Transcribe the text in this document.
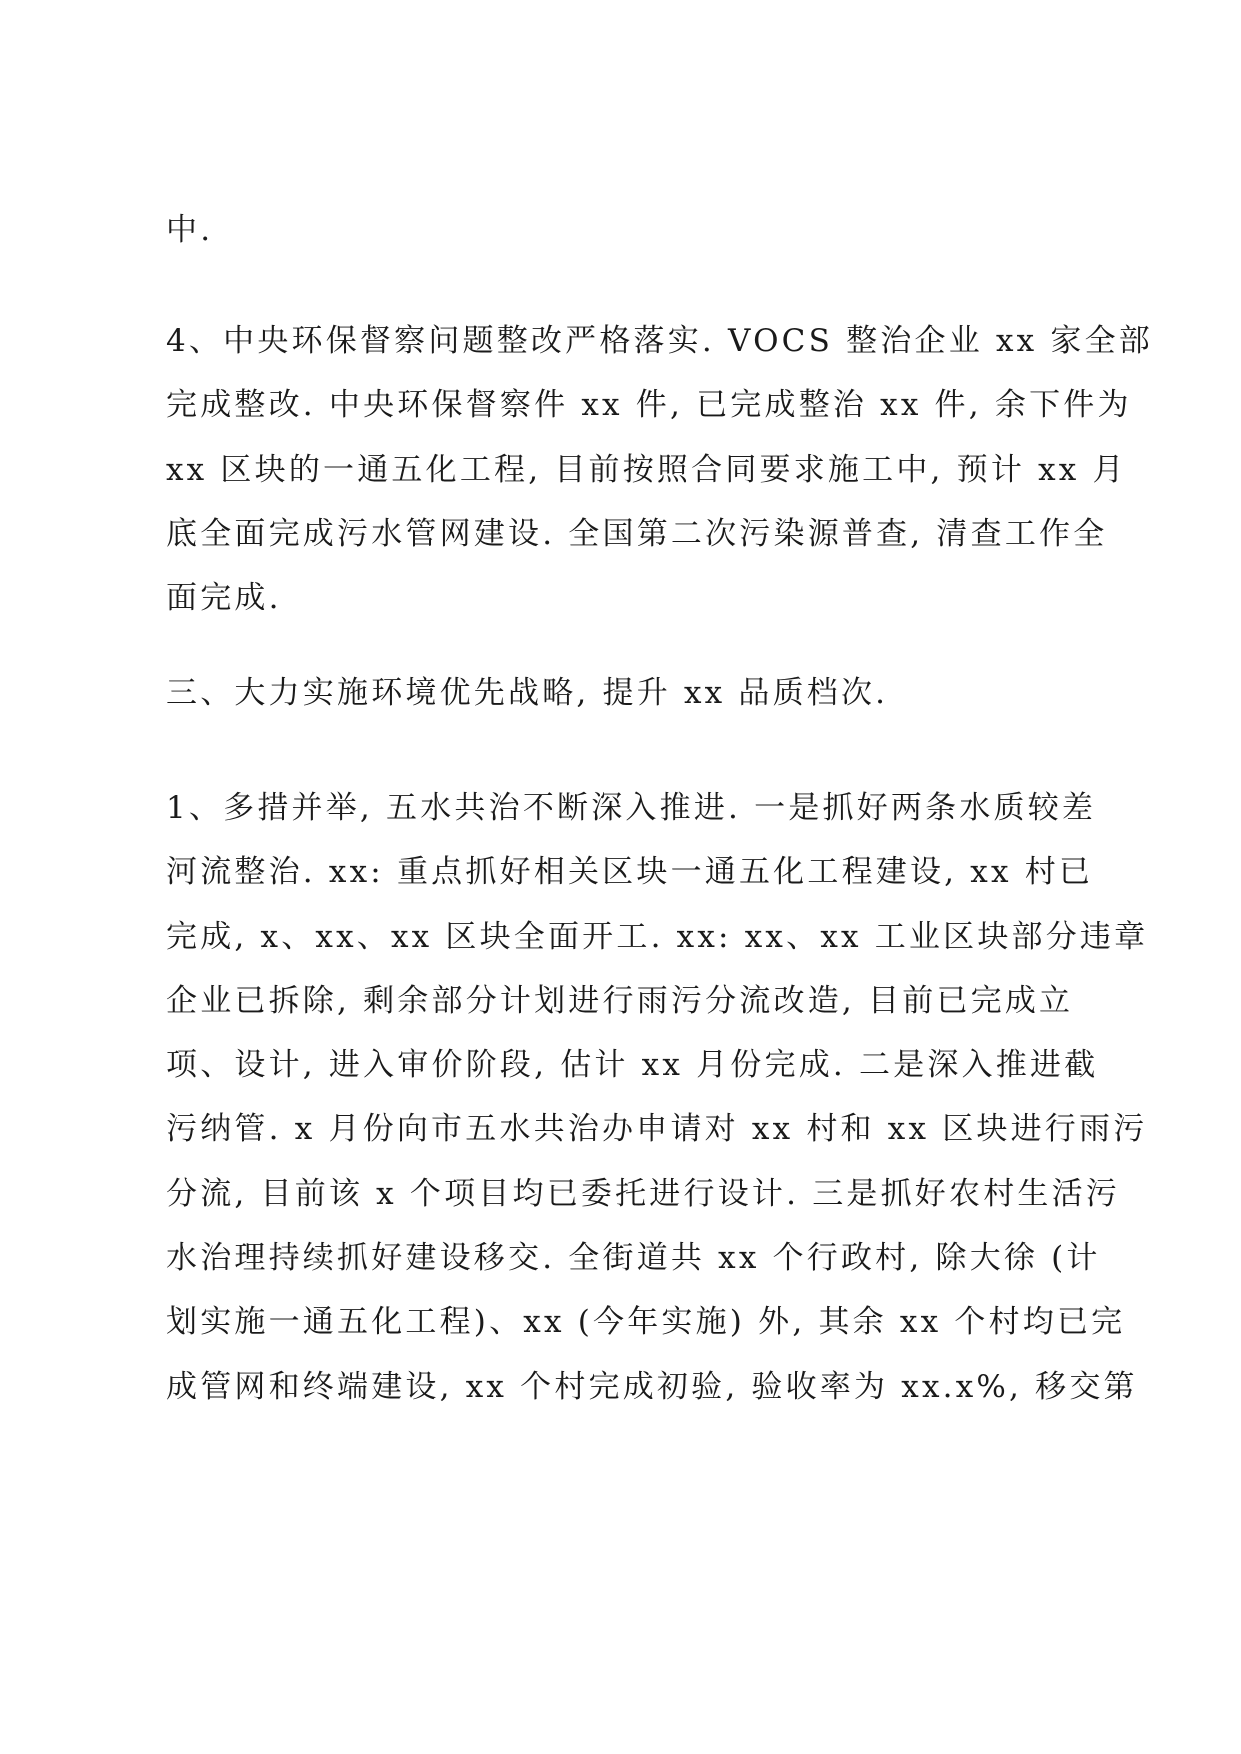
中.
4、中央环保督察问题整改严格落实. VOCS 整治企业 xx 家全部
完成整改. 中央环保督察件 xx 件, 已完成整治 xx 件, 余下件为
xx 区块的一通五化工程, 目前按照合同要求施工中, 预计 xx 月
底全面完成污水管网建设. 全国第二次污染源普查, 清查工作全
面完成.
三、大力实施环境优先战略, 提升 xx 品质档次.
1、多措并举, 五水共治不断深入推进. 一是抓好两条水质较差
河流整治. xx: 重点抓好相关区块一通五化工程建设, xx 村已
完成, x、xx、xx 区块全面开工. xx: xx、xx 工业区块部分违章
企业已拆除, 剩余部分计划进行雨污分流改造, 目前已完成立
项、设计, 进入审价阶段, 估计 xx 月份完成. 二是深入推进截
污纳管. x 月份向市五水共治办申请对 xx 村和 xx 区块进行雨污
分流, 目前该 x 个项目均已委托进行设计. 三是抓好农村生活污
水治理持续抓好建设移交. 全街道共 xx 个行政村, 除大徐 (计
划实施一通五化工程)、xx (今年实施) 外, 其余 xx 个村均已完
成管网和终端建设, xx 个村完成初验, 验收率为 xx.x%, 移交第
